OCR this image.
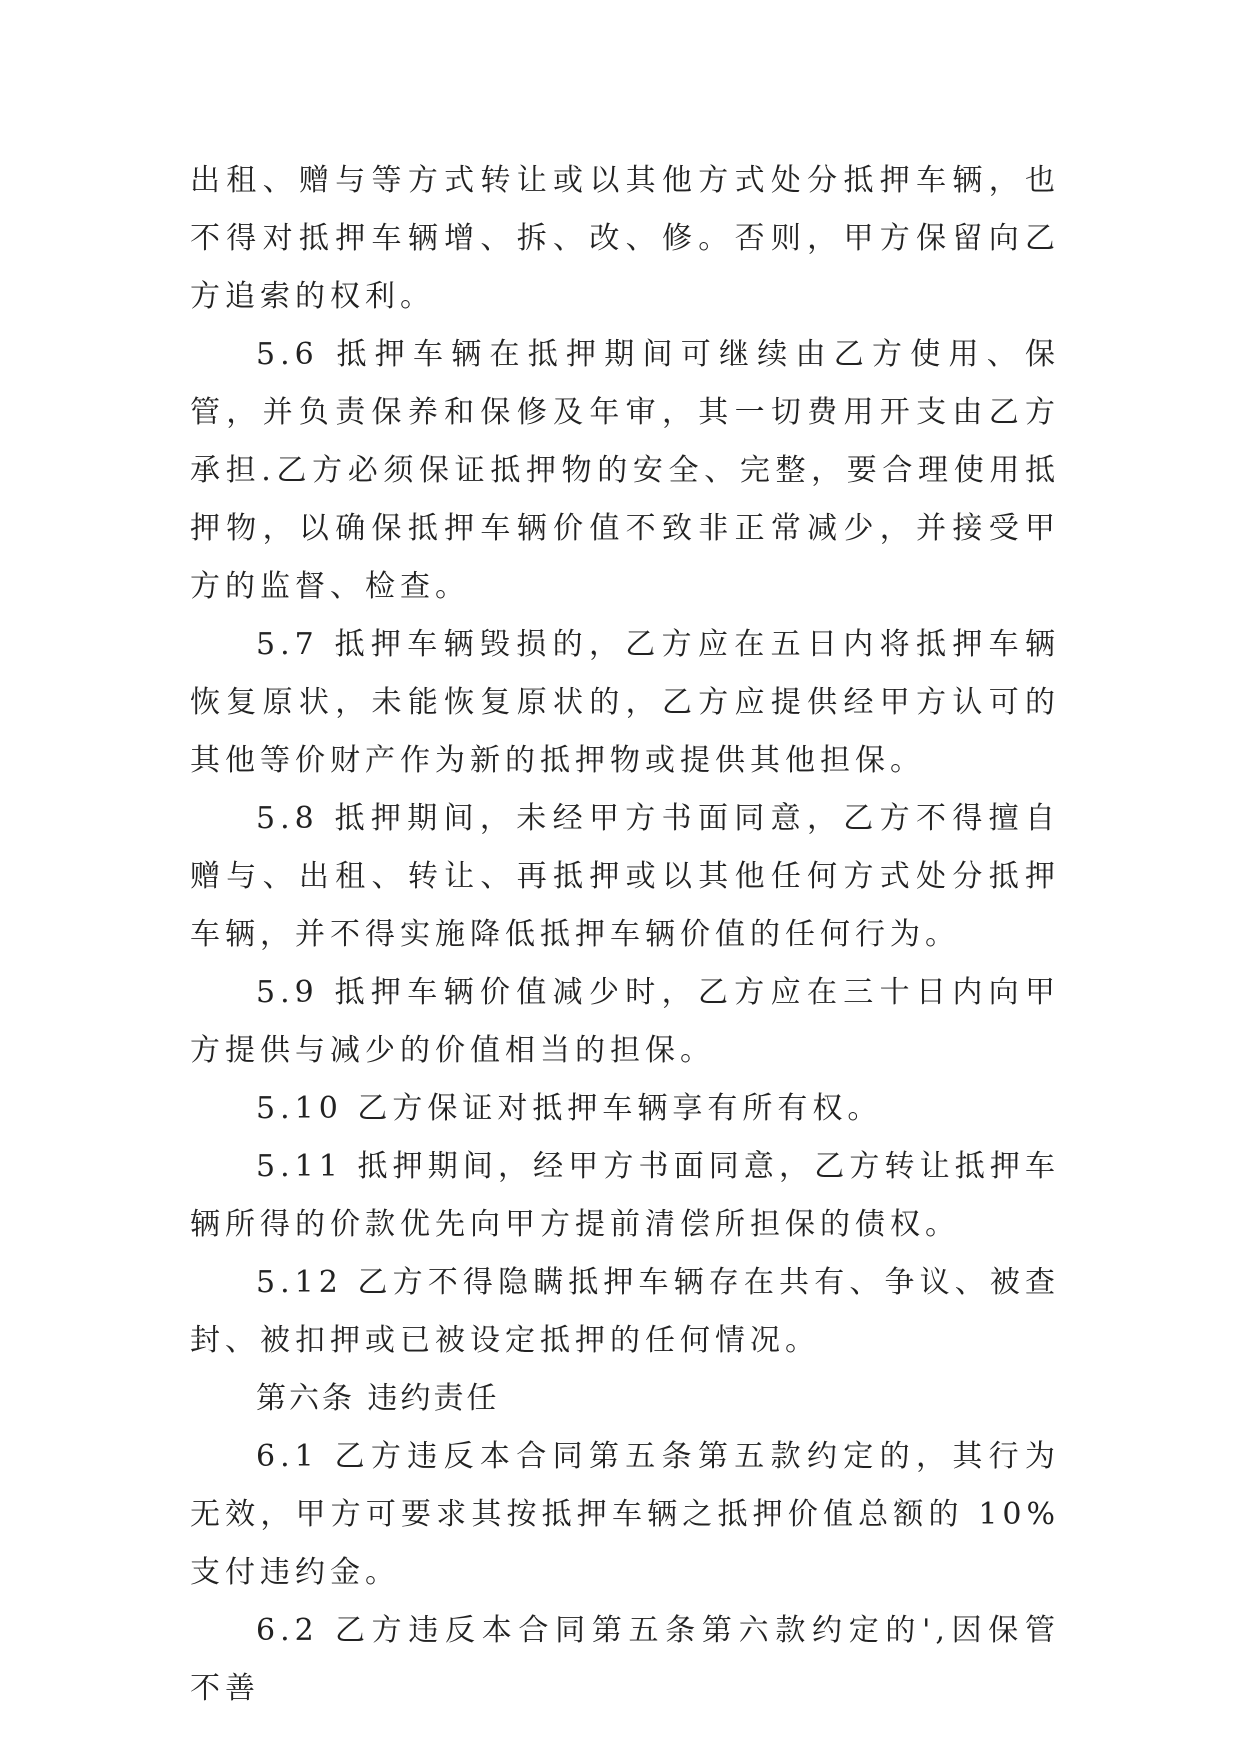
出租、赠与等方式转让或以其他方式处分抵押车辆，也不得对抵押车辆增、拆、改、修。否则，甲方保留向乙方追索的权利。

5.6 抵押车辆在抵押期间可继续由乙方使用、保管，并负责保养和保修及年审，其一切费用开支由乙方承担.乙方必须保证抵押物的安全、完整，要合理使用抵押物，以确保抵押车辆价值不致非正常减少，并接受甲方的监督、检查。

5.7 抵押车辆毁损的，乙方应在五日内将抵押车辆恢复原状，未能恢复原状的，乙方应提供经甲方认可的其他等价财产作为新的抵押物或提供其他担保。

5.8 抵押期间，未经甲方书面同意，乙方不得擅自赠与、出租、转让、再抵押或以其他任何方式处分抵押车辆，并不得实施降低抵押车辆价值的任何行为。

5.9 抵押车辆价值减少时，乙方应在三十日内向甲方提供与减少的价值相当的担保。

5.10 乙方保证对抵押车辆享有所有权。

5.11 抵押期间，经甲方书面同意，乙方转让抵押车辆所得的价款优先向甲方提前清偿所担保的债权。

5.12 乙方不得隐瞒抵押车辆存在共有、争议、被查封、被扣押或已被设定抵押的任何情况。

第六条 违约责任

6.1 乙方违反本合同第五条第五款约定的，其行为无效，甲方可要求其按抵押车辆之抵押价值总额的 10%支付违约金。

6.2 乙方违反本合同第五条第六款约定的',因保管不善
